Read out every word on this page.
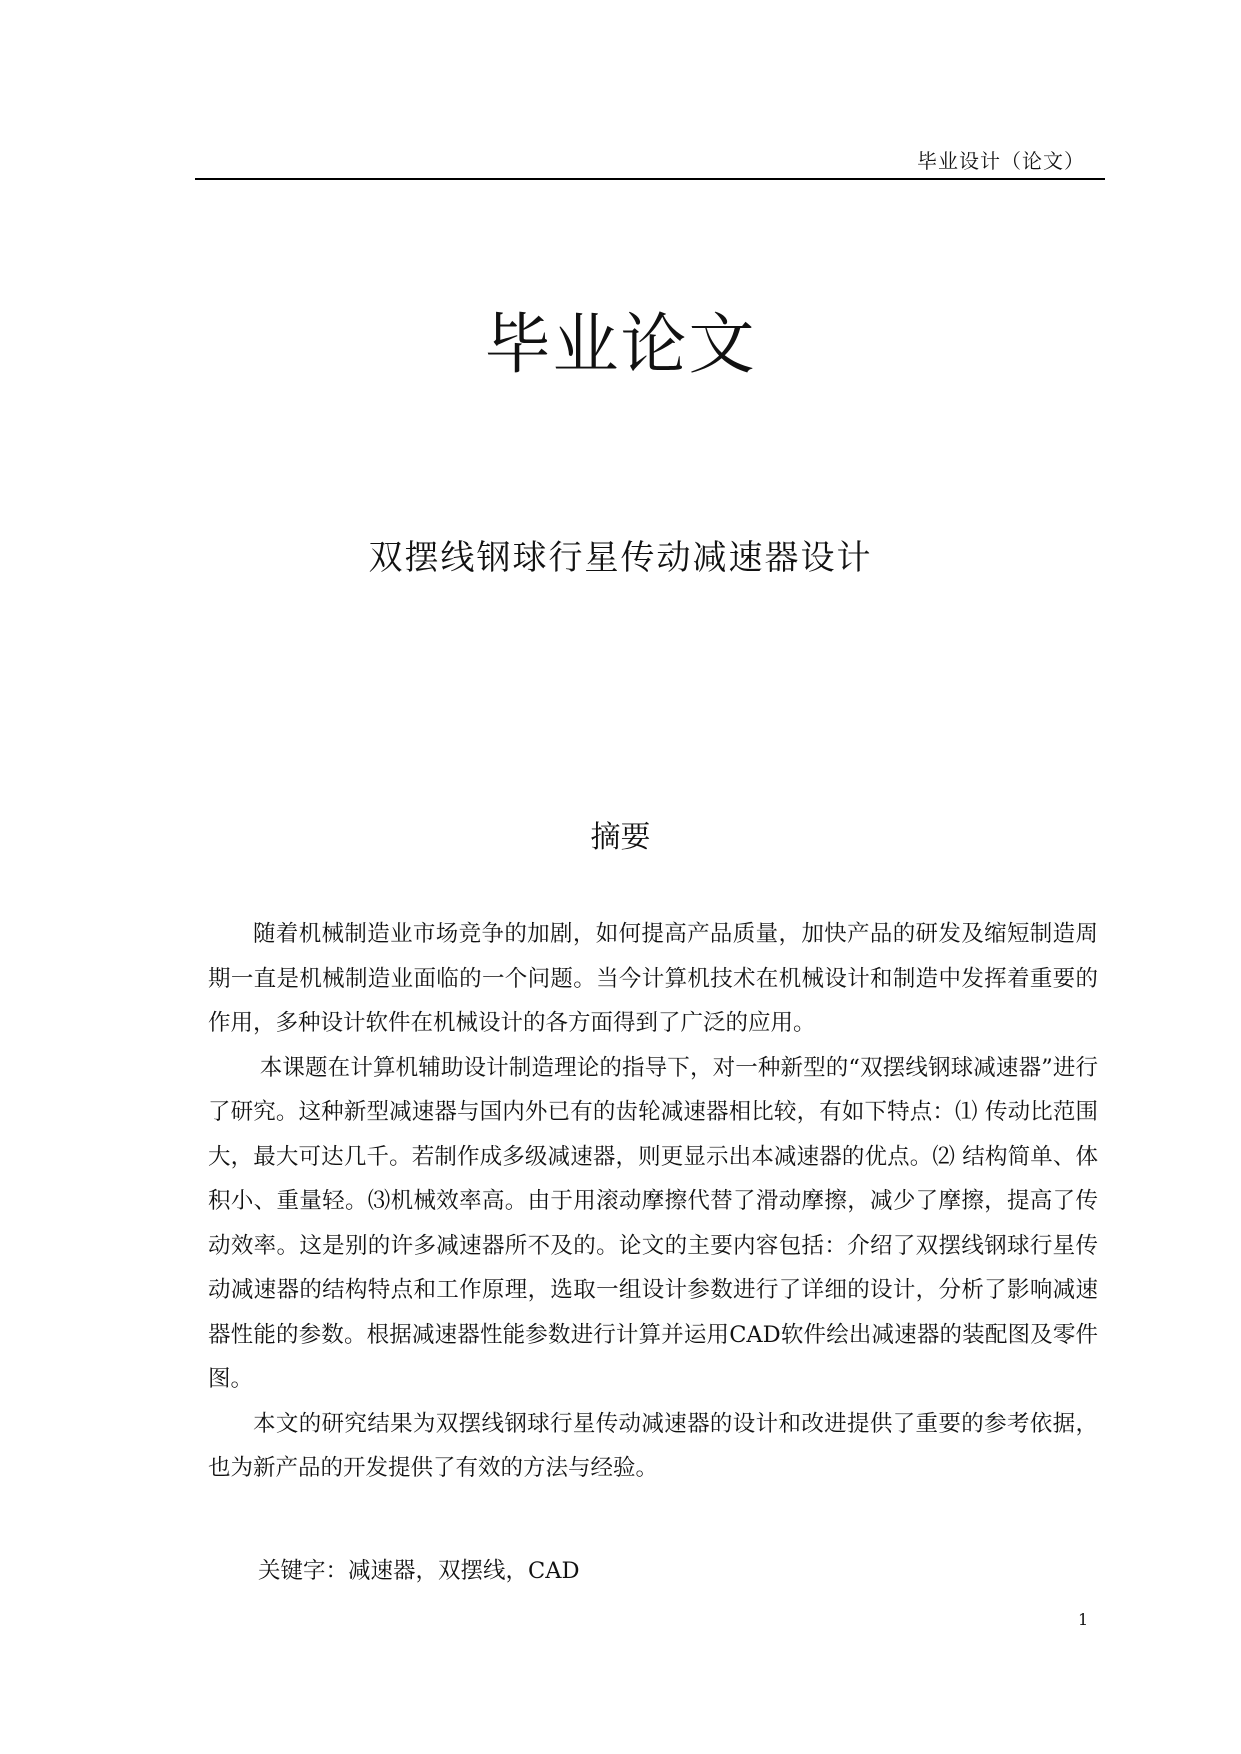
毕业设计（论文）
毕业论文
双摆线钢球行星传动减速器设计
摘要

随着机械制造业市场竞争的加剧，如何提高产品质量，加快产品的研发及缩短制造周期一直是机械制造业面临的一个问题。当今计算机技术在机械设计和制造中发挥着重要的作用，多种设计软件在机械设计的各方面得到了广泛的应用。

本课题在计算机辅助设计制造理论的指导下，对一种新型的“双摆线钢球减速器”进行了研究。这种新型减速器与国内外已有的齿轮减速器相比较，有如下特点：⑴ 传动比范围大，最大可达几千。若制作成多级减速器，则更显示出本减速器的优点。⑵ 结构简单、体积小、重量轻。⑶机械效率高。由于用滚动摩擦代替了滑动摩擦，减少了摩擦，提高了传动效率。这是别的许多减速器所不及的。论文的主要内容包括：介绍了双摆线钢球行星传动减速器的结构特点和工作原理，选取一组设计参数进行了详细的设计，分析了影响减速器性能的参数。根据减速器性能参数进行计算并运用CAD软件绘出减速器的装配图及零件图。

本文的研究结果为双摆线钢球行星传动减速器的设计和改进提供了重要的参考依据，也为新产品的开发提供了有效的方法与经验。

关键字：减速器，双摆线，CAD
1
